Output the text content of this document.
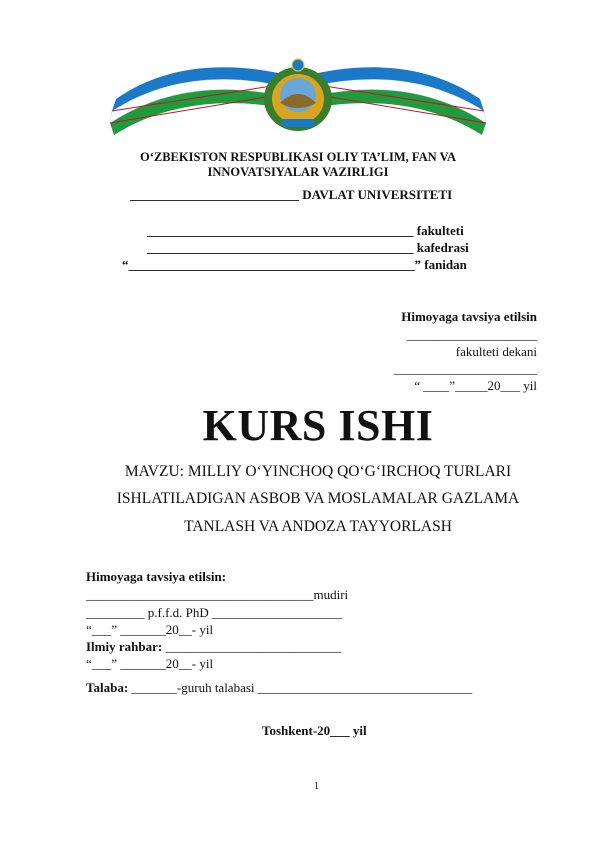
O‘ZBEKISTON RESPUBLIKASI OLIY TA’LIM, FAN VA
INNOVATSIYALAR VAZIRLIGI
__________________________ DAVLAT UNIVERSITETI
_________________________________________ fakulteti
_________________________________________ kafedrasi
“____________________________________________” fanidan
Himoyaga tavsiya etilsin
____________________
fakulteti dekani
______________________
“ ____”_____20___ yil
KURS ISHI
MAVZU: MILLIY O‘YINCHOQ QO‘G‘IRCHOQ TURLARI
ISHLATILADIGAN ASBOB VA MOSLAMALAR GAZLAMA
TANLASH VA ANDOZA TAYYORLASH
Himoyaga tavsiya etilsin:
___________________________________mudiri
_________ p.f.f.d. PhD ____________________
“___” _______20__- yil
Ilmiy rahbar: ___________________________
“___” _______20__- yil
Talaba: _______-guruh talabasi _________________________________
Toshkent-20___ yil
1
